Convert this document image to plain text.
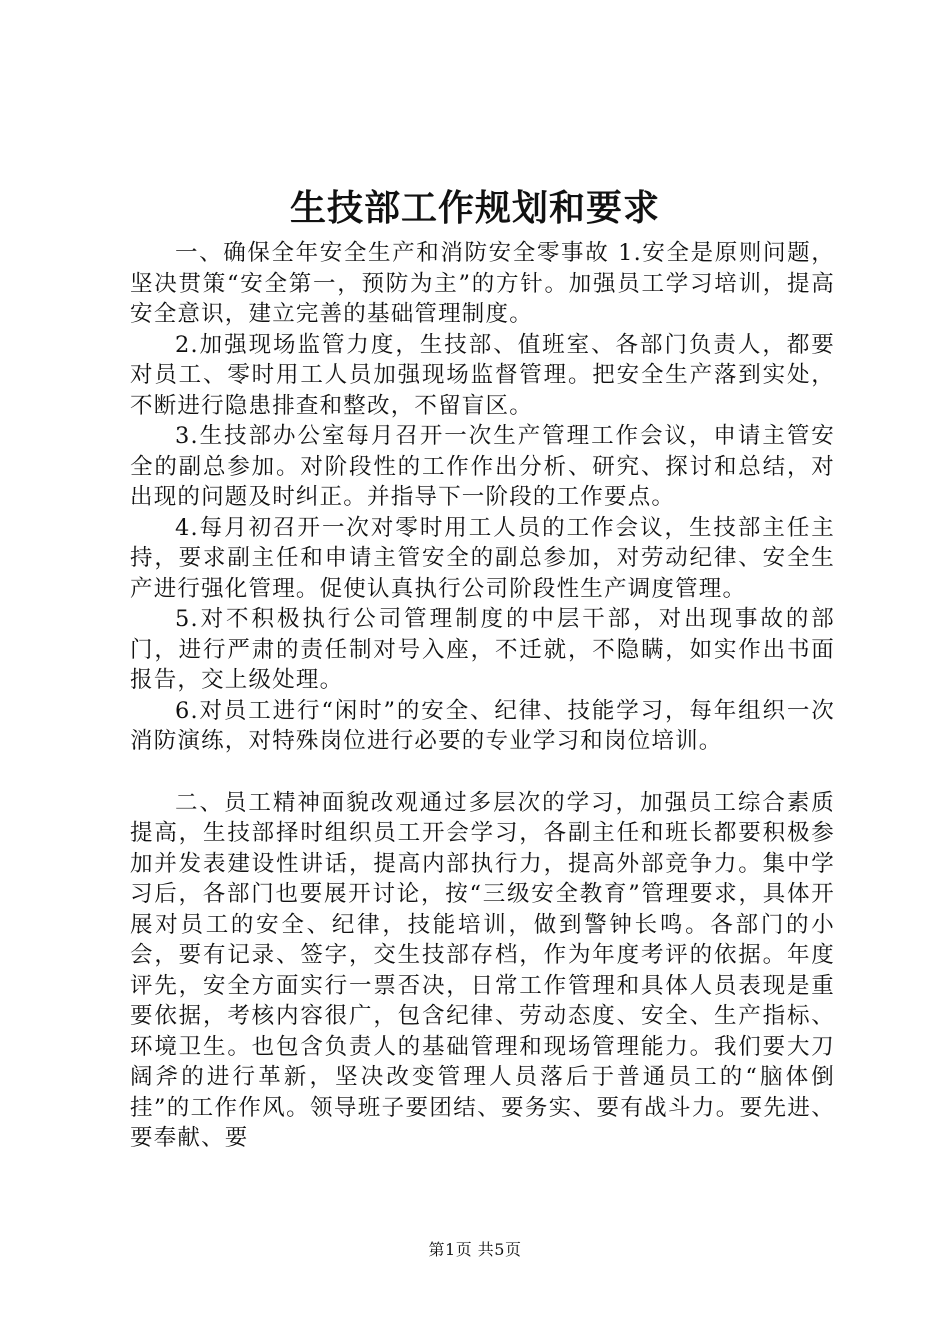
生技部工作规划和要求

一、确保全年安全生产和消防安全零事故 1.安全是原则问题，坚决贯策“安全第一，预防为主”的方针。加强员工学习培训，提高安全意识，建立完善的基础管理制度。

2.加强现场监管力度，生技部、值班室、各部门负责人，都要对员工、零时用工人员加强现场监督管理。把安全生产落到实处，不断进行隐患排查和整改，不留盲区。

3.生技部办公室每月召开一次生产管理工作会议，申请主管安全的副总参加。对阶段性的工作作出分析、研究、探讨和总结，对出现的问题及时纠正。并指导下一阶段的工作要点。

4.每月初召开一次对零时用工人员的工作会议，生技部主任主持，要求副主任和申请主管安全的副总参加，对劳动纪律、安全生产进行强化管理。促使认真执行公司阶段性生产调度管理。

5.对不积极执行公司管理制度的中层干部，对出现事故的部门，进行严肃的责任制对号入座，不迁就，不隐瞒，如实作出书面报告，交上级处理。

6.对员工进行“闲时”的安全、纪律、技能学习，每年组织一次消防演练，对特殊岗位进行必要的专业学习和岗位培训。

二、员工精神面貌改观通过多层次的学习，加强员工综合素质提高，生技部择时组织员工开会学习，各副主任和班长都要积极参加并发表建设性讲话，提高内部执行力，提高外部竞争力。集中学习后，各部门也要展开讨论，按“三级安全教育”管理要求，具体开展对员工的安全、纪律，技能培训，做到警钟长鸣。各部门的小会，要有记录、签字，交生技部存档，作为年度考评的依据。年度评先，安全方面实行一票否决，日常工作管理和具体人员表现是重要依据，考核内容很广，包含纪律、劳动态度、安全、生产指标、环境卫生。也包含负责人的基础管理和现场管理能力。我们要大刀阔斧的进行革新，坚决改变管理人员落后于普通员工的“脑体倒挂”的工作作风。领导班子要团结、要务实、要有战斗力。要先进、要奉献、要

第1页 共5页
